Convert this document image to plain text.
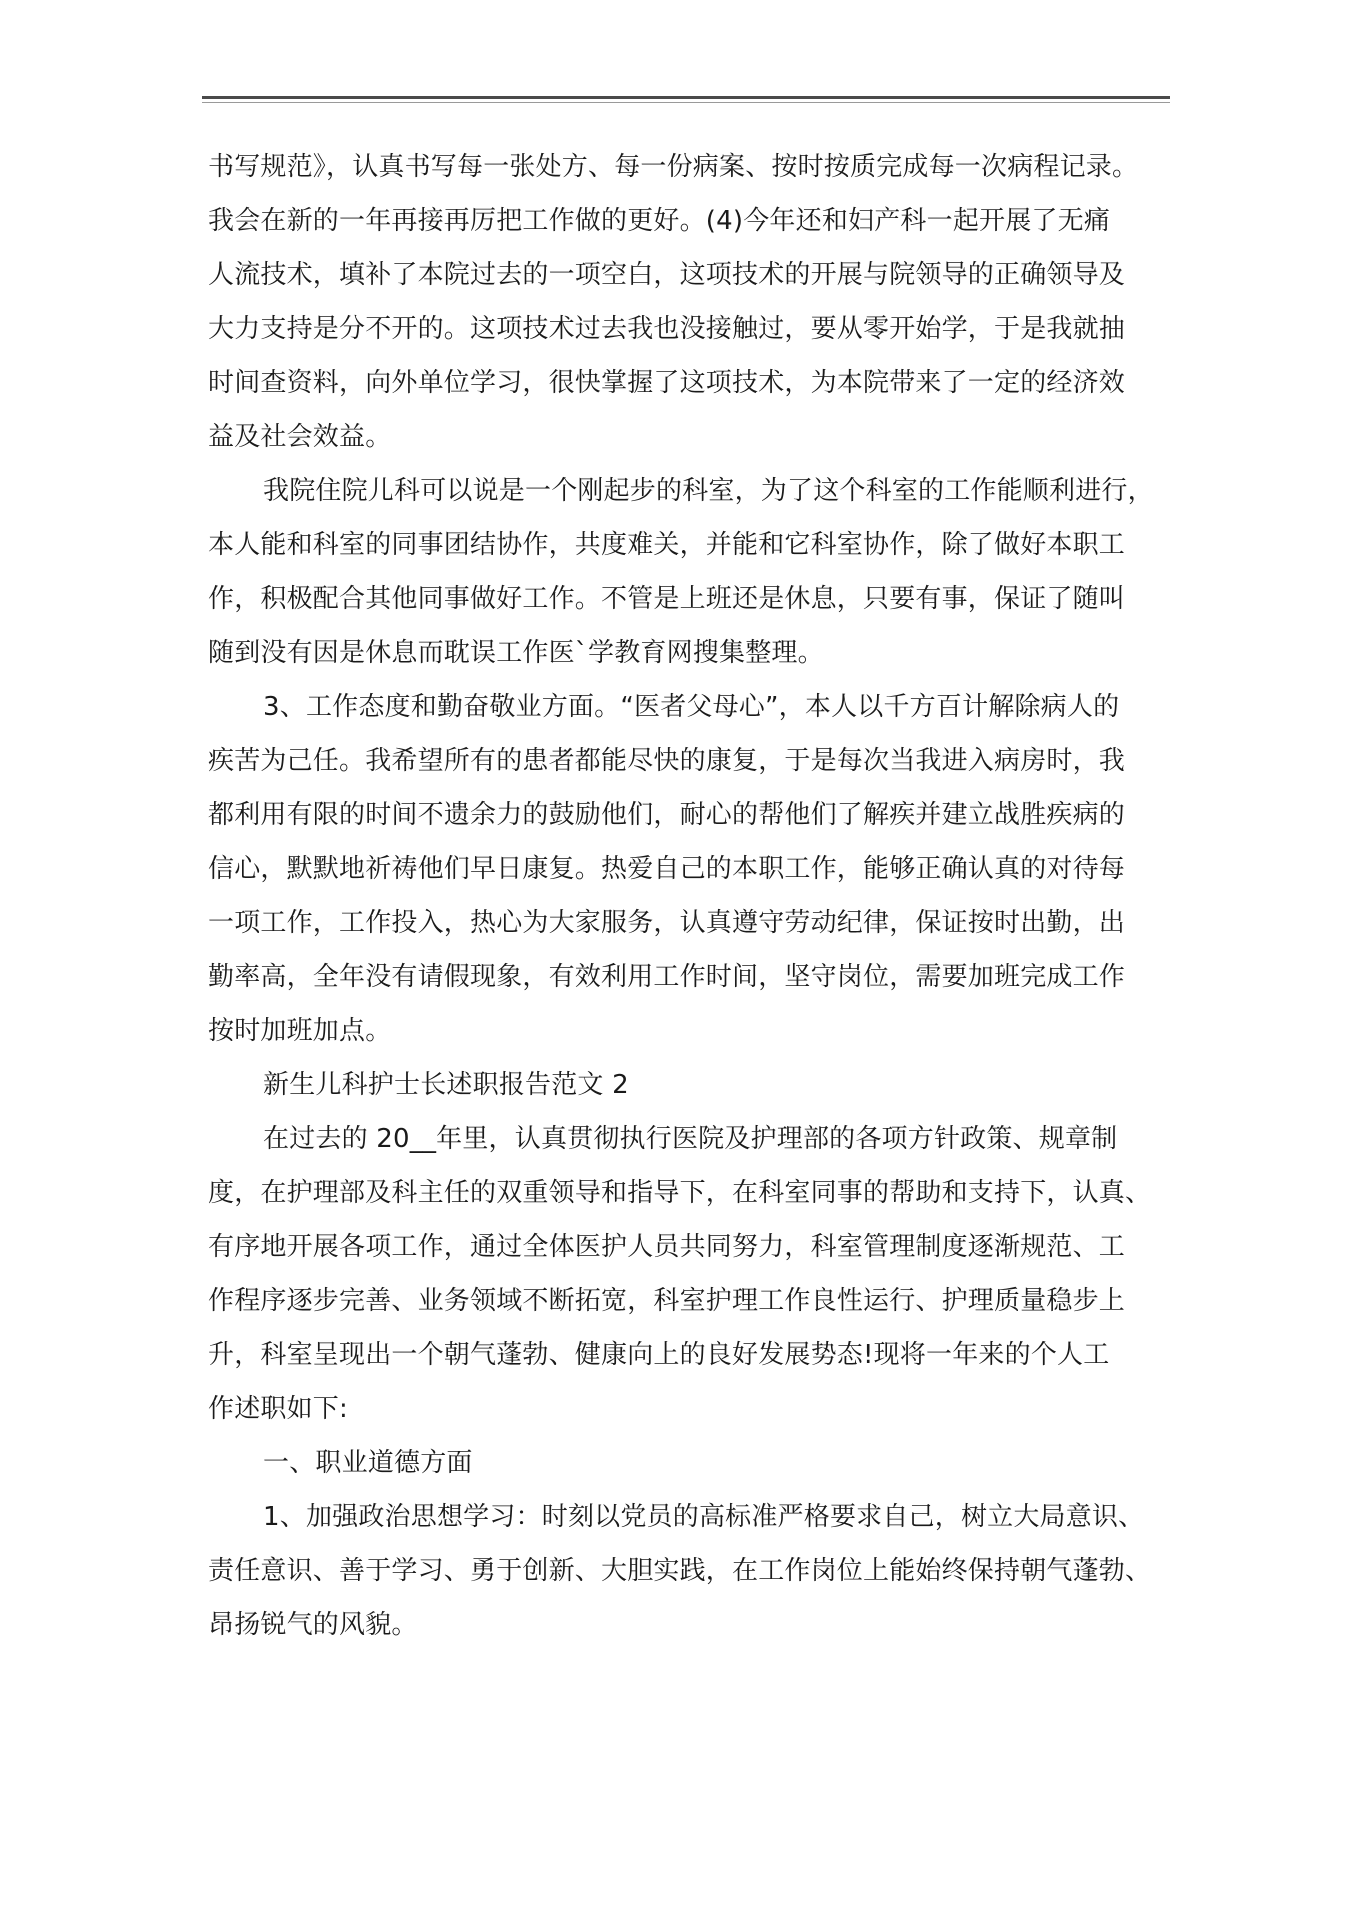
书写规范》，认真书写每一张处方、每一份病案、按时按质完成每一次病程记录。
我会在新的一年再接再厉把工作做的更好。(4)今年还和妇产科一起开展了无痛
人流技术，填补了本院过去的一项空白，这项技术的开展与院领导的正确领导及
大力支持是分不开的。这项技术过去我也没接触过，要从零开始学，于是我就抽
时间查资料，向外单位学习，很快掌握了这项技术，为本院带来了一定的经济效
益及社会效益。
我院住院儿科可以说是一个刚起步的科室，为了这个科室的工作能顺利进行，
本人能和科室的同事团结协作，共度难关，并能和它科室协作，除了做好本职工
作，积极配合其他同事做好工作。不管是上班还是休息，只要有事，保证了随叫
随到没有因是休息而耽误工作医`学教育网搜集整理。
3、工作态度和勤奋敬业方面。“医者父母心”，本人以千方百计解除病人的
疾苦为己任。我希望所有的患者都能尽快的康复，于是每次当我进入病房时，我
都利用有限的时间不遗余力的鼓励他们，耐心的帮他们了解疾并建立战胜疾病的
信心，默默地祈祷他们早日康复。热爱自己的本职工作，能够正确认真的对待每
一项工作，工作投入，热心为大家服务，认真遵守劳动纪律，保证按时出勤，出
勤率高，全年没有请假现象，有效利用工作时间，坚守岗位，需要加班完成工作
按时加班加点。
新生儿科护士长述职报告范文 2
在过去的 20__年里，认真贯彻执行医院及护理部的各项方针政策、规章制
度，在护理部及科主任的双重领导和指导下，在科室同事的帮助和支持下，认真、
有序地开展各项工作，通过全体医护人员共同努力，科室管理制度逐渐规范、工
作程序逐步完善、业务领域不断拓宽，科室护理工作良性运行、护理质量稳步上
升，科室呈现出一个朝气蓬勃、健康向上的良好发展势态!现将一年来的个人工
作述职如下:
一、职业道德方面
1、加强政治思想学习：时刻以党员的高标准严格要求自己，树立大局意识、
责任意识、善于学习、勇于创新、大胆实践，在工作岗位上能始终保持朝气蓬勃、
昂扬锐气的风貌。
